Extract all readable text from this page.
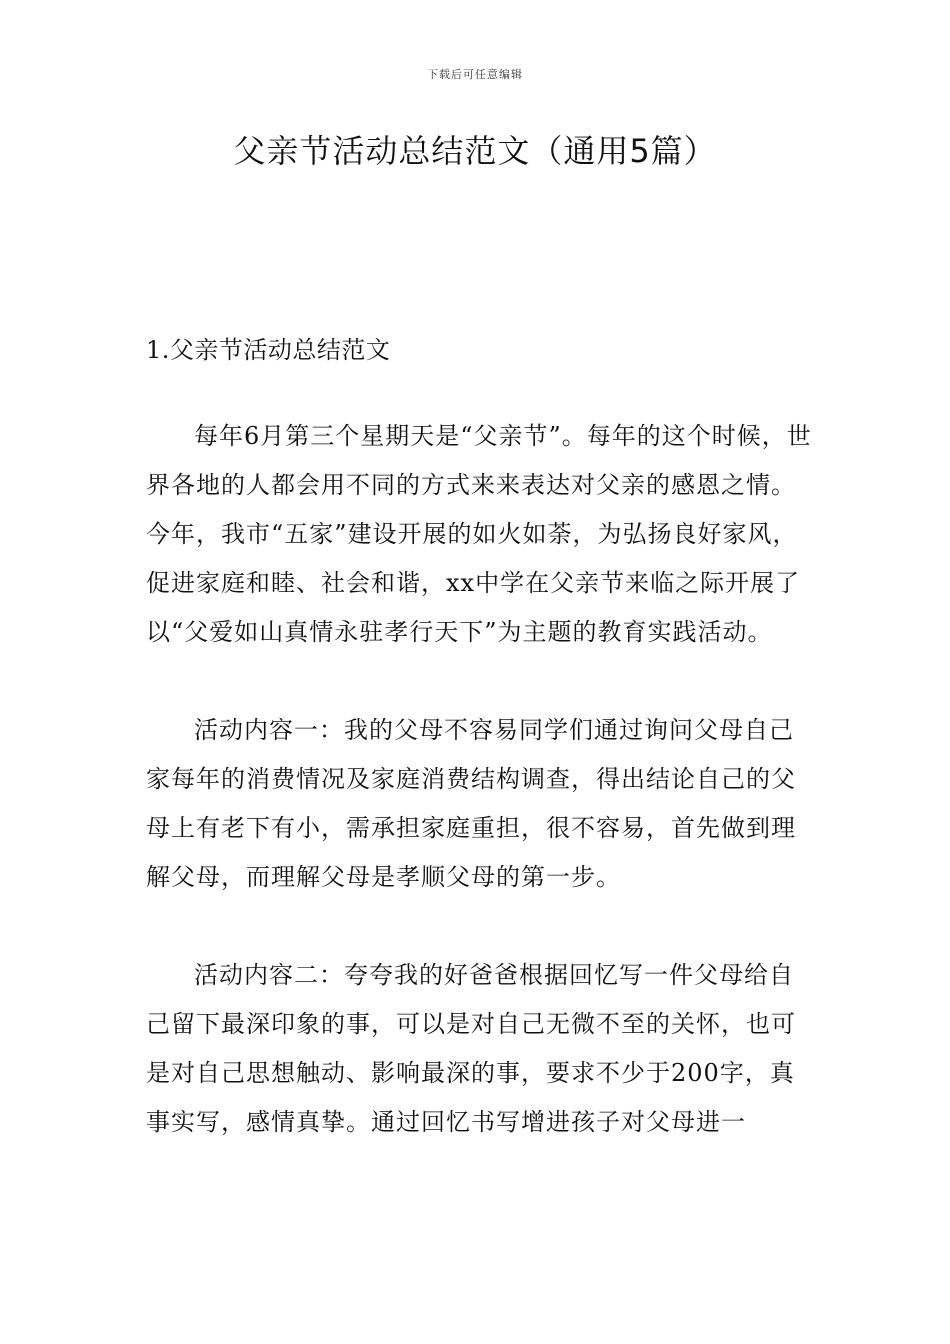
下载后可任意编辑
父亲节活动总结范文（通用5篇）

1.父亲节活动总结范文

每年6月第三个星期天是“父亲节”。每年的这个时候，世界各地的人都会用不同的方式来来表达对父亲的感恩之情。今年，我市“五家”建设开展的如火如荼，为弘扬良好家风，促进家庭和睦、社会和谐，xx中学在父亲节来临之际开展了以“父爱如山真情永驻孝行天下”为主题的教育实践活动。

活动内容一：我的父母不容易同学们通过询问父母自己家每年的消费情况及家庭消费结构调查，得出结论自己的父母上有老下有小，需承担家庭重担，很不容易，首先做到理解父母，而理解父母是孝顺父母的第一步。

活动内容二：夸夸我的好爸爸根据回忆写一件父母给自己留下最深印象的事，可以是对自己无微不至的关怀，也可是对自己思想触动、影响最深的事，要求不少于200字，真事实写，感情真挚。通过回忆书写增进孩子对父母进一
